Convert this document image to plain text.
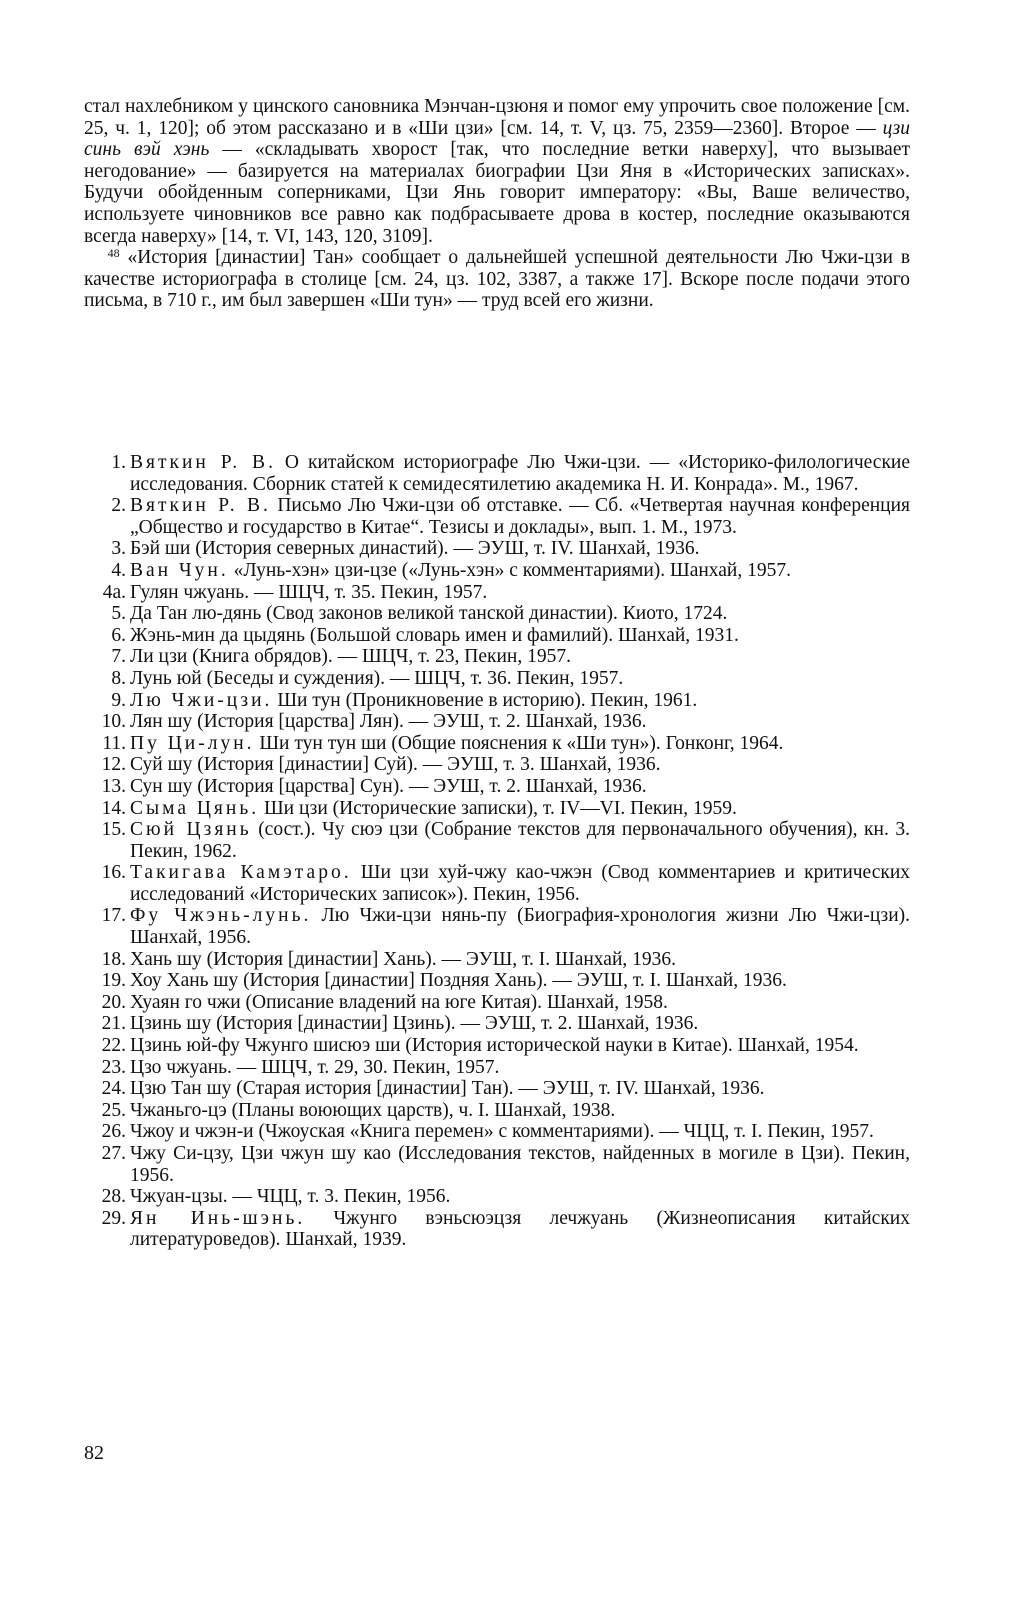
стал нахлебником у цинского сановника Мэнчан-цзюня и помог ему упрочить свое положение [см. 25, ч. 1, 120]; об этом рассказано и в «Ши цзи» [см. 14, т. V, цз. 75, 2359—2360]. Второе — цзи синь вэй хэнь — «складывать хворост [так, что последние ветки наверху], что вызывает негодование» — базируется на материалах биографии Цзи Яня в «Исторических записках». Будучи обойденным соперниками, Цзи Янь говорит императору: «Вы, Ваше величество, используете чиновников все равно как подбрасываете дрова в костер, последние оказываются всегда наверху» [14, т. VI, 143, 120, 3109].

$^{48}$ «История [династии] Тан» сообщает о дальнейшей успешной деятельности Лю Чжи-цзи в качестве историографа в столице [см. 24, цз. 102, 3387, а также 17]. Вскоре после подачи этого письма, в 710 г., им был завершен «Ши тун» — труд всей его жизни.

1. Вяткин Р. В. О китайском историографе Лю Чжи-цзи. — «Историко-филологические исследования. Сборник статей к семидесятилетию академика Н. И. Конрада». М., 1967.
2. Вяткин Р. В. Письмо Лю Чжи-цзи об отставке. — Сб. «Четвертая научная конференция „Общество и государство в Китае“. Тезисы и доклады», вып. 1. М., 1973.
3. Бэй ши (История северных династий). — ЭУШ, т. IV. Шанхай, 1936.
4. Ван Чун. «Лунь-хэн» цзи-цзе («Лунь-хэн» с комментариями). Шанхай, 1957.
4а. Гулян чжуань. — ШЦЧ, т. 35. Пекин, 1957.
5. Да Тан лю-дянь (Свод законов великой танской династии). Киото, 1724.
6. Жэнь-мин да цыдянь (Большой словарь имен и фамилий). Шанхай, 1931.
7. Ли цзи (Книга обрядов). — ШЦЧ, т. 23, Пекин, 1957.
8. Лунь юй (Беседы и суждения). — ШЦЧ, т. 36. Пекин, 1957.
9. Лю Чжи-цзи. Ши тун (Проникновение в историю). Пекин, 1961.
10. Лян шу (История [царства] Лян). — ЭУШ, т. 2. Шанхай, 1936.
11. Пу Ци-лун. Ши тун тун ши (Общие пояснения к «Ши тун»). Гонконг, 1964.
12. Суй шу (История [династии] Суй). — ЭУШ, т. 3. Шанхай, 1936.
13. Сун шу (История [царства] Сун). — ЭУШ, т. 2. Шанхай, 1936.
14. Сыма Цянь. Ши цзи (Исторические записки), т. IV—VI. Пекин, 1959.
15. Сюй Цзянь (сост.). Чу сюэ цзи (Собрание текстов для первоначального обучения), кн. 3. Пекин, 1962.
16. Такигава Камэтаро. Ши цзи хуй-чжу као-чжэн (Свод комментариев и критических исследований «Исторических записок»). Пекин, 1956.
17. Фу Чжэнь-лунь. Лю Чжи-цзи нянь-пу (Биография-хронология жизни Лю Чжи-цзи). Шанхай, 1956.
18. Хань шу (История [династии] Хань). — ЭУШ, т. I. Шанхай, 1936.
19. Хоу Хань шу (История [династии] Поздняя Хань). — ЭУШ, т. I. Шанхай, 1936.
20. Хуаян го чжи (Описание владений на юге Китая). Шанхай, 1958.
21. Цзинь шу (История [династии] Цзинь). — ЭУШ, т. 2. Шанхай, 1936.
22. Цзинь юй-фу Чжунго шисюэ ши (История исторической науки в Китае). Шанхай, 1954.
23. Цзо чжуань. — ШЦЧ, т. 29, 30. Пекин, 1957.
24. Цзю Тан шу (Старая история [династии] Тан). — ЭУШ, т. IV. Шанхай, 1936.
25. Чжаньго-цэ (Планы воюющих царств), ч. I. Шанхай, 1938.
26. Чжоу и чжэн-и (Чжоуская «Книга перемен» с комментариями). — ЧЦЦ, т. I. Пекин, 1957.
27. Чжу Си-цзу, Цзи чжун шу као (Исследования текстов, найденных в могиле в Цзи). Пекин, 1956.
28. Чжуан-цзы. — ЧЦЦ, т. 3. Пекин, 1956.
29. Ян Инь-шэнь. Чжунго вэньсюэцзя лечжуань (Жизнеописания китайских литературоведов). Шанхай, 1939.
82
